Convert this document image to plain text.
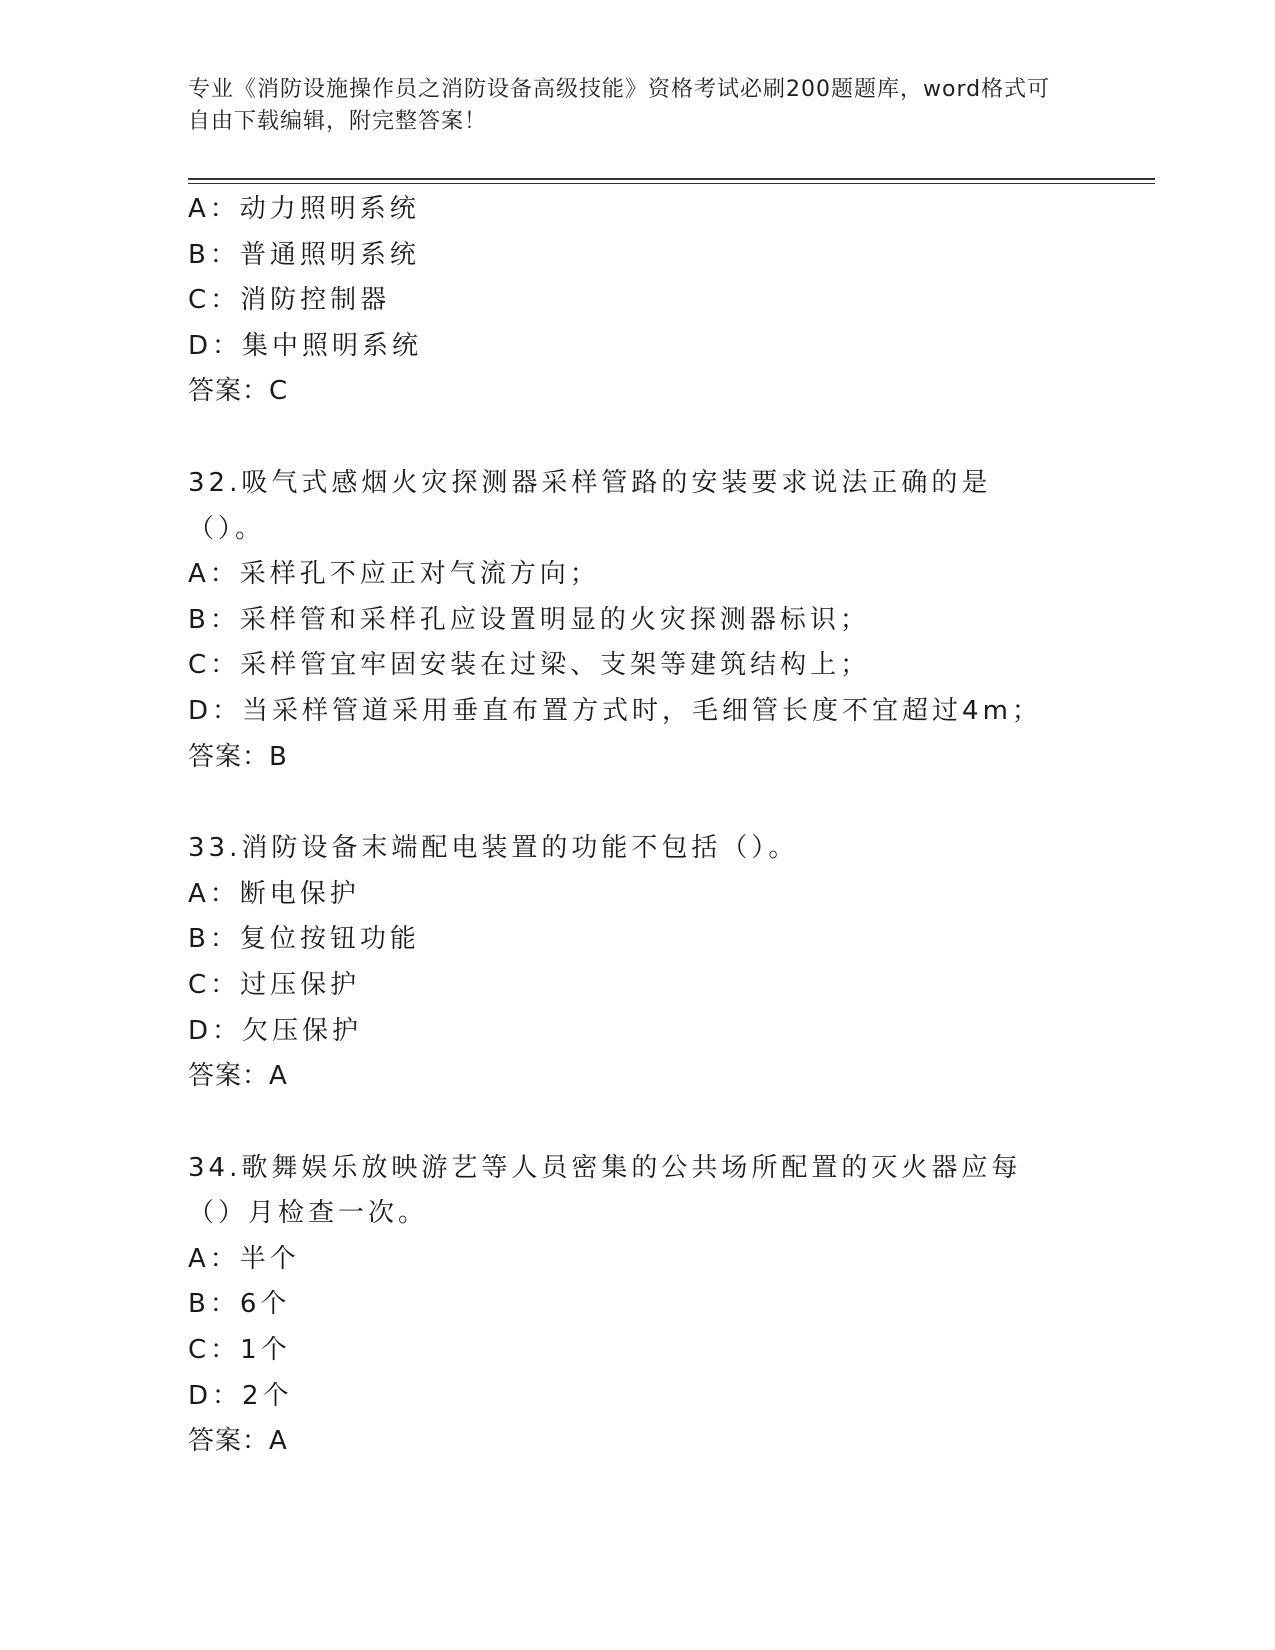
专业《消防设施操作员之消防设备高级技能》资格考试必刷200题题库，word格式可自由下载编辑，附完整答案！
A：动力照明系统
B：普通照明系统
C：消防控制器
D：集中照明系统
答案：C
32.吸气式感烟火灾探测器采样管路的安装要求说法正确的是（）。
A：采样孔不应正对气流方向；
B：采样管和采样孔应设置明显的火灾探测器标识；
C：采样管宜牢固安装在过梁、支架等建筑结构上；
D：当采样管道采用垂直布置方式时，毛细管长度不宜超过4m；
答案：B
33.消防设备末端配电装置的功能不包括（）。
A：断电保护
B：复位按钮功能
C：过压保护
D：欠压保护
答案：A
34.歌舞娱乐放映游艺等人员密集的公共场所配置的灭火器应每（）月检查一次。
A：半个
B：6个
C：1个
D：2个
答案：A
